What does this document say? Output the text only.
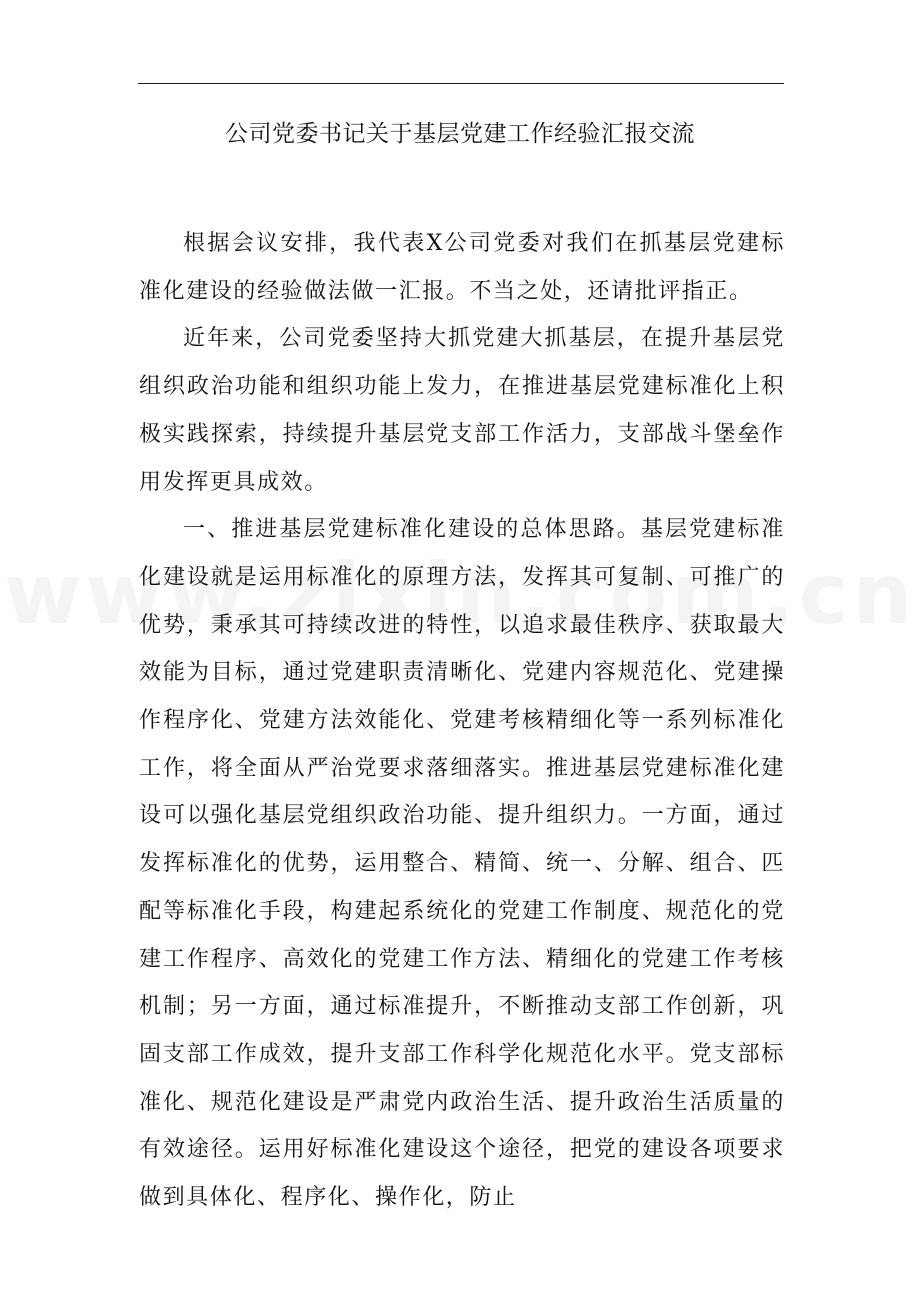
公司党委书记关于基层党建工作经验汇报交流

根据会议安排，我代表X公司党委对我们在抓基层党建标准化建设的经验做法做一汇报。不当之处，还请批评指正。

近年来，公司党委坚持大抓党建大抓基层，在提升基层党组织政治功能和组织功能上发力，在推进基层党建标准化上积极实践探索，持续提升基层党支部工作活力，支部战斗堡垒作用发挥更具成效。

一、推进基层党建标准化建设的总体思路。基层党建标准化建设就是运用标准化的原理方法，发挥其可复制、可推广的优势，秉承其可持续改进的特性，以追求最佳秩序、获取最大效能为目标，通过党建职责清晰化、党建内容规范化、党建操作程序化、党建方法效能化、党建考核精细化等一系列标准化工作，将全面从严治党要求落细落实。推进基层党建标准化建设可以强化基层党组织政治功能、提升组织力。一方面，通过发挥标准化的优势，运用整合、精简、统一、分解、组合、匹配等标准化手段，构建起系统化的党建工作制度、规范化的党建工作程序、高效化的党建工作方法、精细化的党建工作考核机制；另一方面，通过标准提升，不断推动支部工作创新，巩固支部工作成效，提升支部工作科学化规范化水平。党支部标准化、规范化建设是严肃党内政治生活、提升政治生活质量的有效途径。运用好标准化建设这个途径，把党的建设各项要求做到具体化、程序化、操作化，防止
